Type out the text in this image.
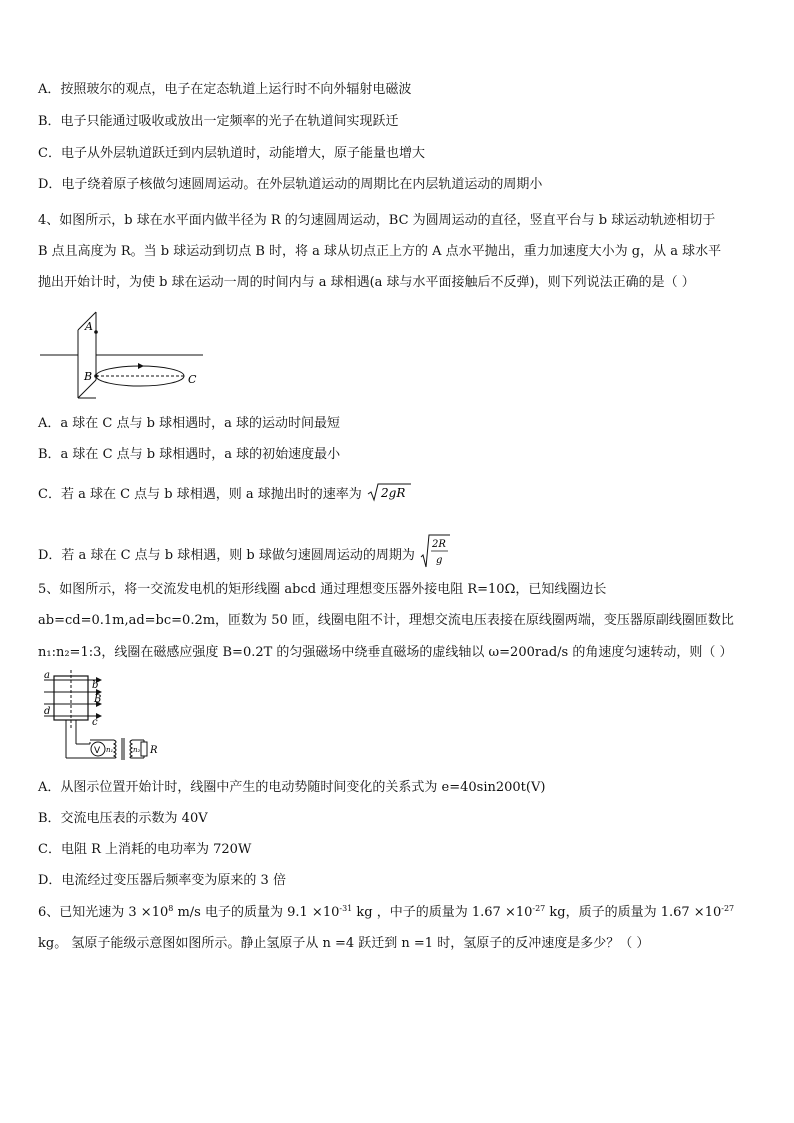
A．按照玻尔的观点，电子在定态轨道上运行时不向外辐射电磁波
B．电子只能通过吸收或放出一定频率的光子在轨道间实现跃迁
C．电子从外层轨道跃迁到内层轨道时，动能增大，原子能量也增大
D．电子绕着原子核做匀速圆周运动。在外层轨道运动的周期比在内层轨道运动的周期小
4、如图所示，b 球在水平面内做半径为 R 的匀速圆周运动，BC 为圆周运动的直径，竖直平台与 b 球运动轨迹相切于
B 点且高度为 R。当 b 球运动到切点 B 时，将 a 球从切点正上方的 A 点水平抛出，重力加速度大小为 g，从 a 球水平
抛出开始计时，为使 b 球在运动一周的时间内与 a 球相遇(a 球与水平面接触后不反弹)，则下列说法正确的是（ ）
A
B	C
A．a 球在 C 点与 b 球相遇时，a 球的运动时间最短
B．a 球在 C 点与 b 球相遇时，a 球的初始速度最小
C．若 a 球在 C 点与 b 球相遇，则 a 球抛出时的速率为 2gR
D．若 a 球在 C 点与 b 球相遇，则 b 球做匀速圆周运动的周期为
2R
g
5、如图所示，将一交流发电机的矩形线圈 abcd 通过理想变压器外接电阻 R=10Ω，已知线圈边长
ab=cd=0.1m,ad=bc=0.2m，匝数为 50 匝，线圈电阻不计，理想交流电压表接在原线圈两端，变压器原副线圈匝数比
n₁:n₂=1:3，线圈在磁感应强度 B=0.2T 的匀强磁场中绕垂直磁场的虚线轴以 ω=200rad/s 的角速度匀速转动，则（ ）
V n₁	n₂
a
b
B
d
c
R
A．从图示位置开始计时，线圈中产生的电动势随时间变化的关系式为 e=40sin200t(V)
B．交流电压表的示数为 40V
C．电阻 R 上消耗的电功率为 720W
D．电流经过变压器后频率变为原来的 3 倍
6、已知光速为 $3 \times 10^8$ m/s 电子的质量为 $9.1 \times 10^{-31}$ kg ，中子的质量为 $1.67 \times 10^{-27}$ kg，质子的质量为 $1.67 \times 10^{-27}$
kg。 氢原子能级示意图如图所示。静止氢原子从 n =4 跃迁到 n =1 时，氢原子的反冲速度是多少？（ ）
